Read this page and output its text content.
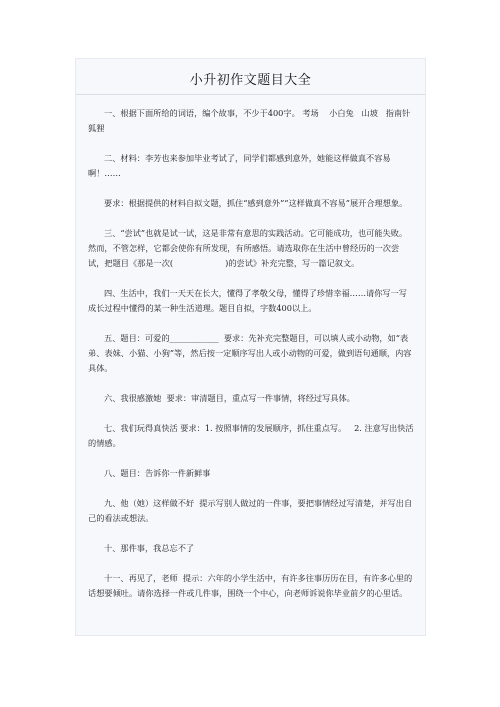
小升初作文题目大全

一、根据下面所给的词语，编个故事，不少于400字。 考场    小白兔   山坡   指南针   狐狸

二、材料：李芳也来参加毕业考试了，同学们都感到意外，她能这样做真不容易啊！……

要求：根据提供的材料自拟文题，抓住“感到意外”“这样做真不容易”展开合理想象。

三、“尝试”也就是试一试，这是非常有意思的实践活动。它可能成功，也可能失败。然而，不管怎样，它都会使你有所发现，有所感悟。请选取你在生活中曾经历的一次尝试，把题目《那是一次(                    )的尝试》补充完整，写一篇记叙文。

四、生活中，我们一天天在长大，懂得了孝敬父母，懂得了珍惜幸福……请你写一写成长过程中懂得的某一种生活道理。题目自拟，字数400以上。

五、题目：可爱的____________  要求：先补充完整题目，可以填人或小动物，如“表弟、表妹、小猫、小狗”等，然后按一定顺序写出人或小动物的可爱，做到语句通顺，内容具体。

六、我很感激她  要求：审清题目，重点写一件事情，将经过写具体。

七、我们玩得真快活 要求：1. 按照事情的发展顺序，抓住重点写。   2. 注意写出快活的情感。

八、题目：告诉你一件新鲜事

九、他（她）这样做不好  提示写别人做过的一件事，要把事情经过写清楚，并写出自己的看法或想法。

十、那件事，我总忘不了

十一、再见了，老师  提示：六年的小学生活中，有许多往事历历在目，有许多心里的话想要倾吐。请你选择一件或几件事，围绕一个中心，向老师诉说你毕业前夕的心里话。
